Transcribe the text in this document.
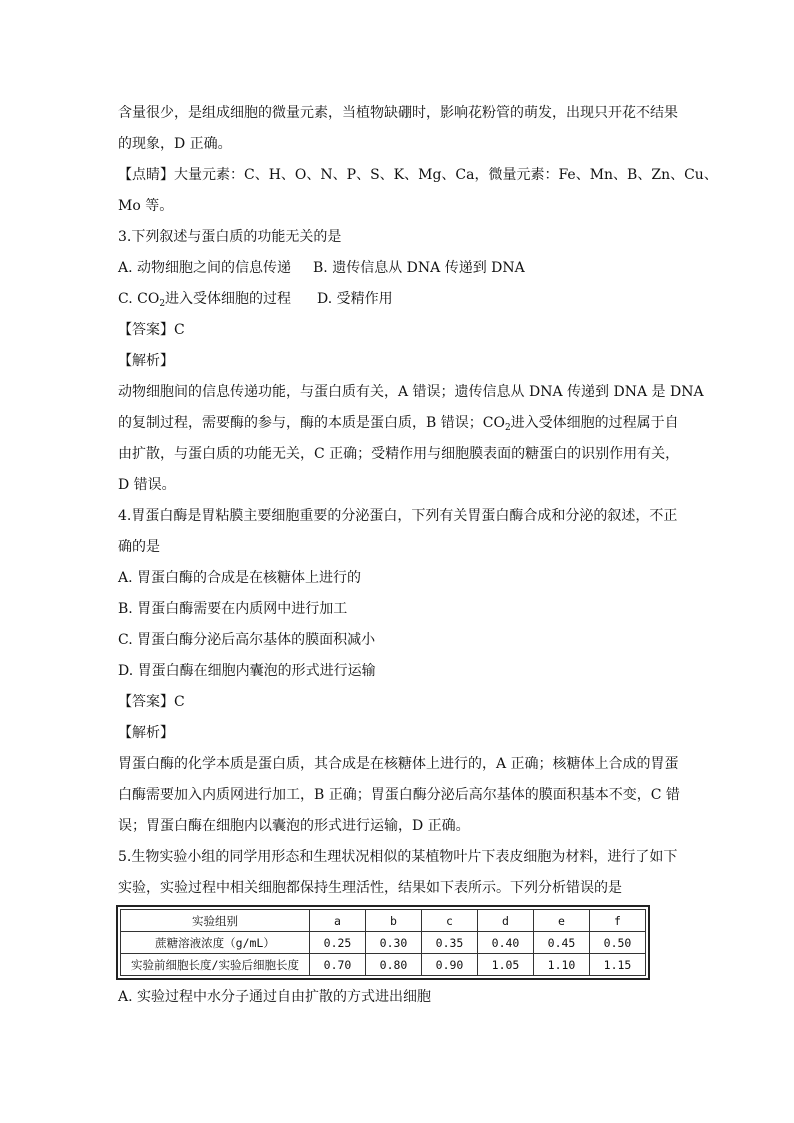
含量很少，是组成细胞的微量元素，当植物缺硼时，影响花粉管的萌发，出现只开花不结果
的现象，D 正确。
【点睛】大量元素：C、H、O、N、P、S、K、Mg、Ca，微量元素：Fe、Mn、B、Zn、Cu、
Mo 等。
3.下列叙述与蛋白质的功能无关的是
A. 动物细胞之间的信息传递 B. 遗传信息从 DNA 传递到 DNA
C. $CO_2$进入受体细胞的过程 D. 受精作用
【答案】C
【解析】
动物细胞间的信息传递功能，与蛋白质有关，A 错误；遗传信息从 DNA 传递到 DNA 是 DNA
的复制过程，需要酶的参与，酶的本质是蛋白质，B 错误；$CO_2$进入受体细胞的过程属于自
由扩散，与蛋白质的功能无关，C 正确；受精作用与细胞膜表面的糖蛋白的识别作用有关，
D 错误。
4.胃蛋白酶是胃粘膜主要细胞重要的分泌蛋白，下列有关胃蛋白酶合成和分泌的叙述，不正
确的是
A. 胃蛋白酶的合成是在核糖体上进行的
B. 胃蛋白酶需要在内质网中进行加工
C. 胃蛋白酶分泌后高尔基体的膜面积减小
D. 胃蛋白酶在细胞内囊泡的形式进行运输
【答案】C
【解析】
胃蛋白酶的化学本质是蛋白质，其合成是在核糖体上进行的，A 正确；核糖体上合成的胃蛋
白酶需要加入内质网进行加工，B 正确；胃蛋白酶分泌后高尔基体的膜面积基本不变，C 错
误；胃蛋白酶在细胞内以囊泡的形式进行运输，D 正确。
5.生物实验小组的同学用形态和生理状况相似的某植物叶片下表皮细胞为材料，进行了如下
实验，实验过程中相关细胞都保持生理活性，结果如下表所示。下列分析错误的是
实验组别	a	b	c	d	e	f
蔗糖溶液浓度（g/mL）	0.25	0.30	0.35	0.40	0.45	0.50
实验前细胞长度/实验后细胞长度	0.70	0.80	0.90	1.05	1.10	1.15
A. 实验过程中水分子通过自由扩散的方式进出细胞
